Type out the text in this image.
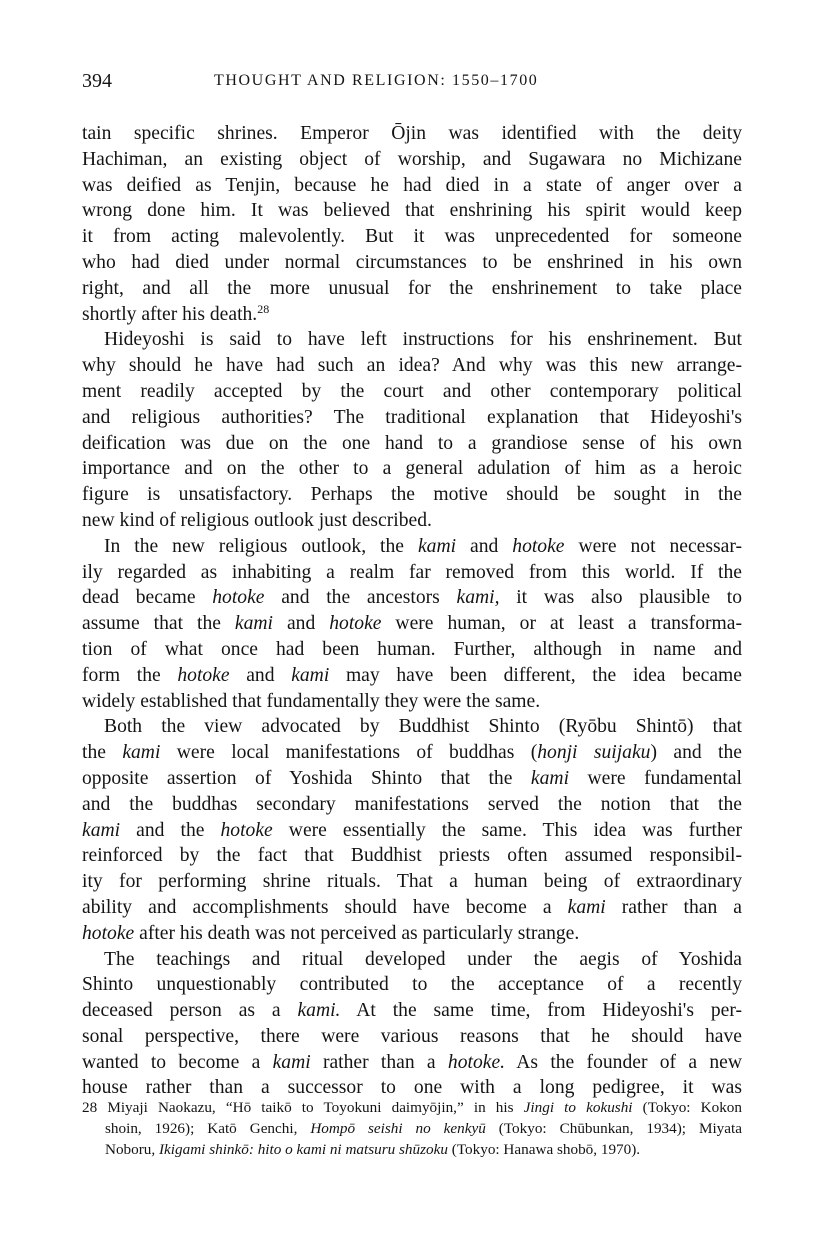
394	THOUGHT AND RELIGION: 1550–1700
tain specific shrines. Emperor Ōjin was identified with the deity
Hachiman, an existing object of worship, and Sugawara no Michizane
was deified as Tenjin, because he had died in a state of anger over a
wrong done him. It was believed that enshrining his spirit would keep
it from acting malevolently. But it was unprecedented for someone
who had died under normal circumstances to be enshrined in his own
right, and all the more unusual for the enshrinement to take place
shortly after his death.$^{28}$
Hideyoshi is said to have left instructions for his enshrinement. But
why should he have had such an idea? And why was this new arrange-
ment readily accepted by the court and other contemporary political
and religious authorities? The traditional explanation that Hideyoshi's
deification was due on the one hand to a grandiose sense of his own
importance and on the other to a general adulation of him as a heroic
figure is unsatisfactory. Perhaps the motive should be sought in the
new kind of religious outlook just described.
In the new religious outlook, the kami and hotoke were not necessar-
ily regarded as inhabiting a realm far removed from this world. If the
dead became hotoke and the ancestors kami, it was also plausible to
assume that the kami and hotoke were human, or at least a transforma-
tion of what once had been human. Further, although in name and
form the hotoke and kami may have been different, the idea became
widely established that fundamentally they were the same.
Both the view advocated by Buddhist Shinto (Ryōbu Shintō) that
the kami were local manifestations of buddhas (honji suijaku) and the
opposite assertion of Yoshida Shinto that the kami were fundamental
and the buddhas secondary manifestations served the notion that the
kami and the hotoke were essentially the same. This idea was further
reinforced by the fact that Buddhist priests often assumed responsibil-
ity for performing shrine rituals. That a human being of extraordinary
ability and accomplishments should have become a kami rather than a
hotoke after his death was not perceived as particularly strange.
The teachings and ritual developed under the aegis of Yoshida
Shinto unquestionably contributed to the acceptance of a recently
deceased person as a kami. At the same time, from Hideyoshi's per-
sonal perspective, there were various reasons that he should have
wanted to become a kami rather than a hotoke. As the founder of a new
house rather than a successor to one with a long pedigree, it was
28 Miyaji Naokazu, “Hō taikō to Toyokuni daimyōjin,” in his Jingi to kokushi (Tokyo: Kokon
shoin, 1926); Katō Genchi, Hompō seishi no kenkyū (Tokyo: Chūbunkan, 1934); Miyata
Noboru, Ikigami shinkō: hito o kami ni matsuru shūzoku (Tokyo: Hanawa shobō, 1970).
